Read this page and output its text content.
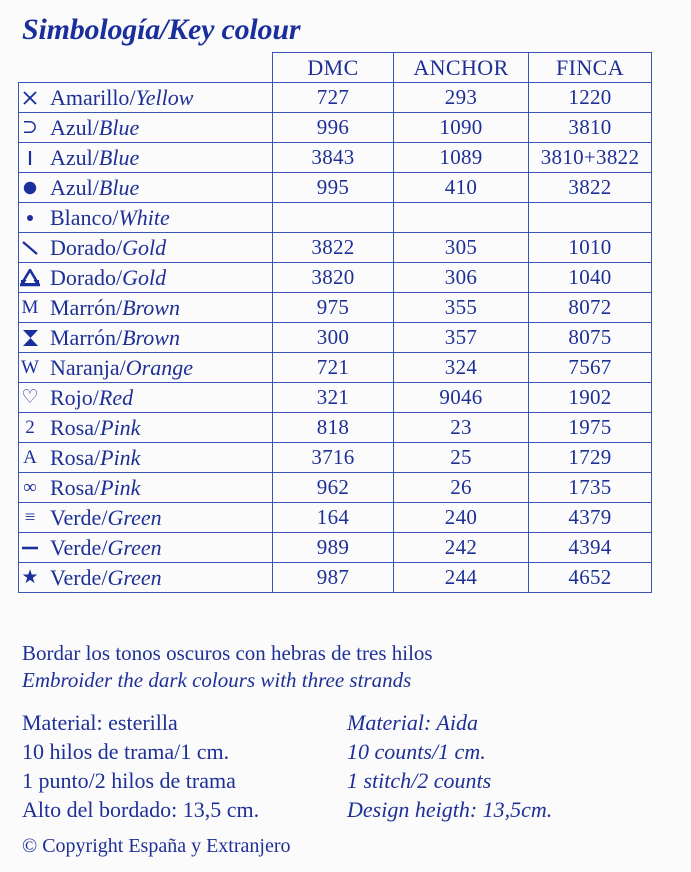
Simbología/Key colour
	DMC	ANCHOR	FINCA

Amarillo/Yellow	727	293	1220

⊃ Azul/Blue	996	1090	3810

Azul/Blue	3843	1089	3810+3822

Azul/Blue	995	410	3822

Blanco/White			

Dorado/Gold	3822	305	1010

Dorado/Gold	3820	306	1040

M Marrón/Brown	975	355	8072

Marrón/Brown	300	357	8075

W Naranja/Orange	721	324	7567

♡ Rojo/Red	321	9046	1902

2 Rosa/Pink	818	23	1975

A Rosa/Pink	3716	25	1729

∞ Rosa/Pink	962	26	1735

≡ Verde/Green	164	240	4379

Verde/Green	989	242	4394

★ Verde/Green	987	244	4652
Bordar los tonos oscuros con hebras de tres hilos
Embroider the dark colours with three strands
Material: esterilla	Material: Aida
10 hilos de trama/1 cm.	10 counts/1 cm.
1 punto/2 hilos de trama	1 stitch/2 counts
Alto del bordado: 13,5 cm.	Design heigth: 13,5cm.
© Copyright España y Extranjero
